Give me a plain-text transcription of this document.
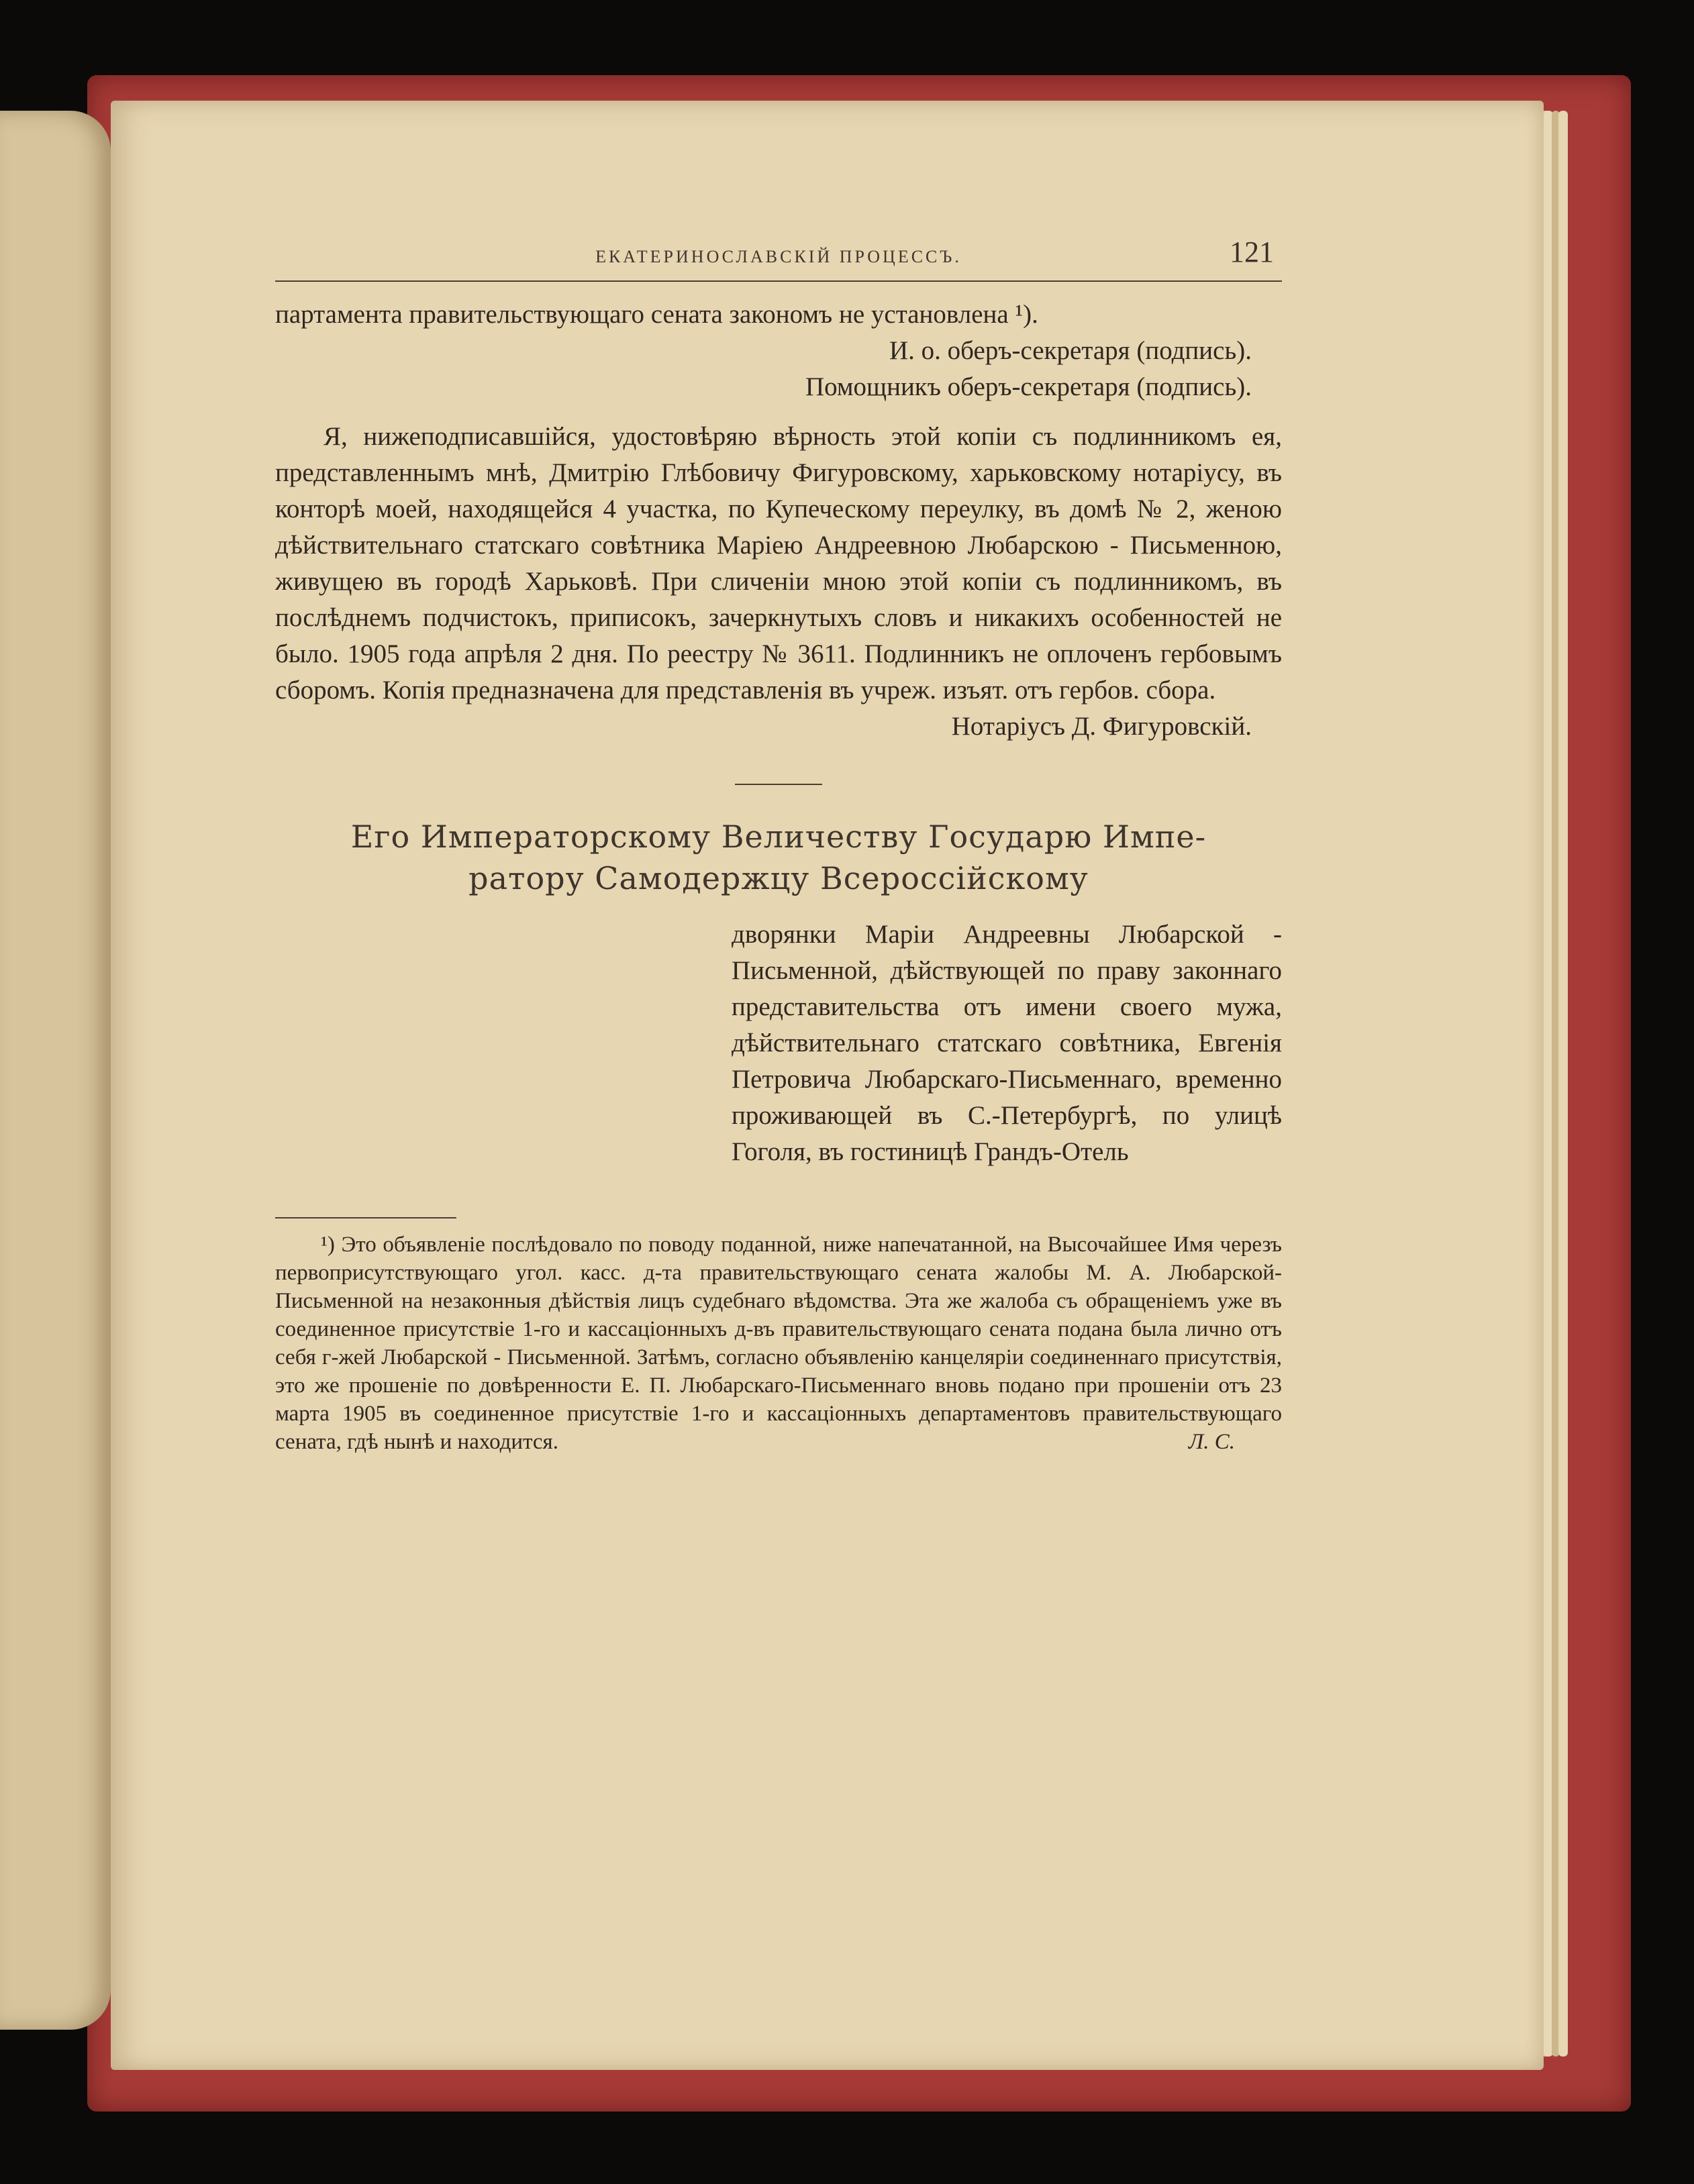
ЕКАТЕРИНОСЛАВСКІЙ ПРОЦЕССЪ.	121

партамента правительствующаго сената закономъ не установлена ¹).

И. о. оберъ-секретаря (подпись).

Помощникъ оберъ-секретаря (подпись).

Я, нижеподписавшійся, удостовѣряю вѣрность этой копіи съ подлинникомъ ея, представленнымъ мнѣ, Дмитрію Глѣбовичу Фигуровскому, харьковскому нотаріусу, въ конторѣ моей, находящейся 4 участка, по Купеческому переулку, въ домѣ № 2, женою дѣйствительнаго статскаго совѣтника Маріею Андреевною Любарскою - Письменною, живущею въ городѣ Харьковѣ. При сличеніи мною этой копіи съ подлинникомъ, въ послѣднемъ подчистокъ, приписокъ, зачеркнутыхъ словъ и никакихъ особенностей не было. 1905 года апрѣля 2 дня. По реестру № 3611. Подлинникъ не оплоченъ гербовымъ сборомъ. Копія предназначена для представленія въ учреж. изъят. отъ гербов. сбора.

Нотаріусъ Д. Фигуровскій.

Его Императорскому Величеству Государю Импе-
ратору Самодержцу Всероссійскому

дворянки Маріи Андреевны Любарской - Письменной, дѣйствующей по праву законнаго представительства отъ имени своего мужа, дѣйствительнаго статскаго совѣтника, Евгенія Петровича Любарскаго-Письменнаго, временно проживающей въ С.-Петербургѣ, по улицѣ Гоголя, въ гостиницѣ Грандъ-Отель

¹) Это объявленіе послѣдовало по поводу поданной, ниже напечатанной, на Высочайшее Имя черезъ первоприсутствующаго угол. касс. д-та правительствующаго сената жалобы М. А. Любарской-Письменной на незаконныя дѣйствія лицъ судебнаго вѣдомства. Эта же жалоба съ обращеніемъ уже въ соединенное присутствіе 1-го и кассаціонныхъ д-въ правительствующаго сената подана была лично отъ себя г-жей Любарской - Письменной. Затѣмъ, согласно объявленію канцеляріи соединеннаго присутствія, это же прошеніе по довѣренности Е. П. Любарскаго-Письменнаго вновь подано при прошеніи отъ 23 марта 1905 въ соединенное присутствіе 1-го и кассаціонныхъ департаментовъ правительствующаго сената, гдѣ нынѣ и находится.	Л. С.
